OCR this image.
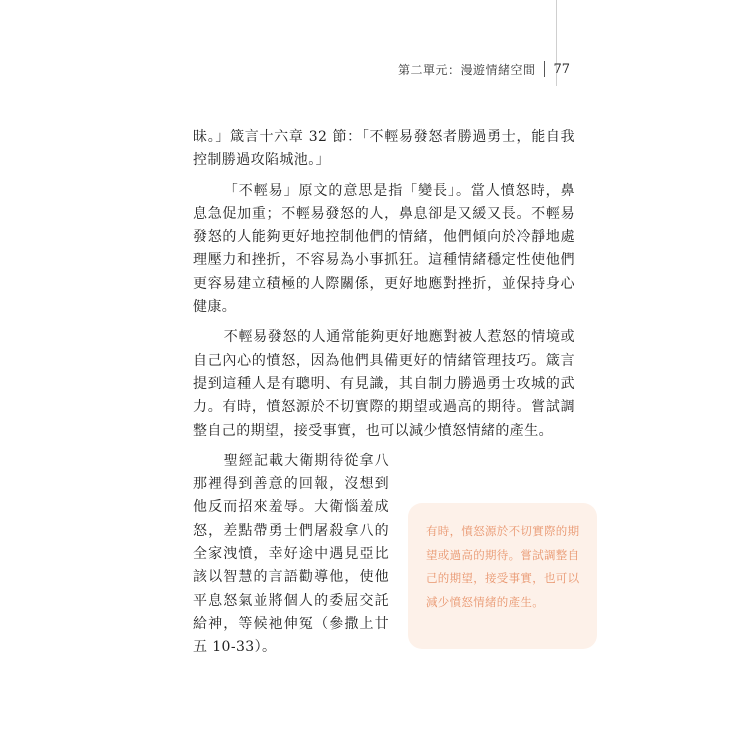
第二單元：漫遊情緒空間 77

昧。」箴言十六章 32 節：「不輕易發怒者勝過勇士，能自我控制勝過攻陷城池。」

「不輕易」原文的意思是指「變長」。當人憤怒時，鼻息急促加重；不輕易發怒的人，鼻息卻是又緩又長。不輕易發怒的人能夠更好地控制他們的情緒，他們傾向於冷靜地處理壓力和挫折，不容易為小事抓狂。這種情緒穩定性使他們更容易建立積極的人際關係，更好地應對挫折，並保持身心健康。

不輕易發怒的人通常能夠更好地應對被人惹怒的情境或自己內心的憤怒，因為他們具備更好的情緒管理技巧。箴言提到這種人是有聰明、有見識，其自制力勝過勇士攻城的武力。有時，憤怒源於不切實際的期望或過高的期待。嘗試調整自己的期望，接受事實，也可以減少憤怒情緒的產生。

聖經記載大衛期待從拿八那裡得到善意的回報，沒想到他反而招來羞辱。大衛惱羞成怒，差點帶勇士們屠殺拿八的全家洩憤，幸好途中遇見亞比該以智慧的言語勸導他，使他平息怒氣並將個人的委屈交託給神，等候祂伸冤（參撒上廿五 10-33）。

有時，憤怒源於不切實際的期望或過高的期待。嘗試調整自己的期望，接受事實，也可以減少憤怒情緒的產生。
